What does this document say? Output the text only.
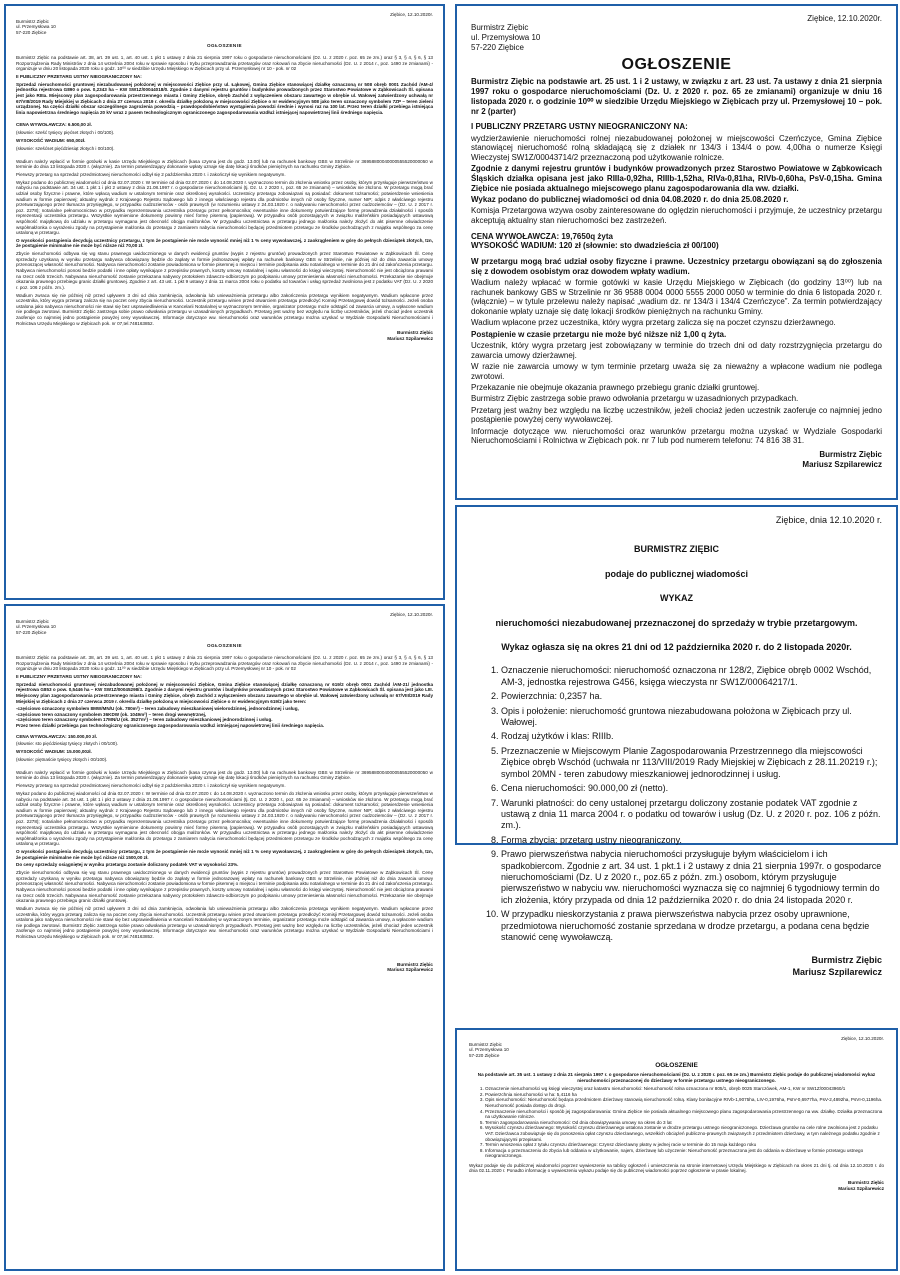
Ziębice, 12.10.2020r.
Burmistrz Ziębic
ul. Przemysłowa 10
57-220 Ziębice
OGŁOSZENIE

Burmistrz Ziębic na podstawie art. 38, art. 39 ust. 1, art. 40 ust. 1 pkt 1 ustawy z dnia 21 sierpnia 1997 roku o gospodarce nieruchomościami (Dz. U. z 2020 r. poz. 65 ze zm.) oraz § 3, § 4, § 6, § 13 Rozporządzenia Rady Ministrów z dnia 14 września 2004 roku w sprawie sposobu i trybu przeprowadzania przetargów oraz rokowań na zbycie nieruchomości (Dz. U. z 2014 r., poz. 1490 ze zmianami) - organizuje w dniu 20 listopada 2020 roku o godz. 10⁰⁰ w siedzibie Urzędu Miejskiego w Ziębicach przy ul. Przemysłowej nr 10 - pok. nr 02

II PUBLICZNY PRZETARG USTNY NIEOGRANICZONY NA:

Sprzedaż nieruchomości gruntowej niezabudowanej położonej w miejscowości Ziębice przy ul. Łąkowej, Gmina Ziębice stanowiącej działkę oznaczoną nr 508 obręb 0001 Zachód /AM-4/ jednostka rejestrowa G890 o pow. 0,2343 ha – KW SW1Z/00044018/0. Zgodnie z danymi rejestru gruntów i budynków prowadzonych przez Starostwo Powiatowe w Ząbkowicach Śl. opisana jest jako RIIIa. Miejscowy plan zagospodarowania przestrzennego miasta i Gminy Ziębice, obręb Zachód z wyłączeniem obszaru zawartego w obrębie ul. Wałowej zatwierdzony uchwałą nr 67/VIII/2019 Rady Miejskiej w Ziębicach z dnia 27 czerwca 2019 r. określa działkę położoną w miejscowości Ziębice o nr ewidencyjnym 508 jako teren oznaczony symbolem 7ZP – teren zieleni urządzonej. Na części działki obszar szczególnego zagrożenia powodzią – prawdopodobieństwo wystąpienia powodzi średnie i wynosi raz na 100 lat. Przez teren działki przebiega istniejąca linia napowietrzna średniego napięcia 20 kV wraz z pasem technologicznym ograniczonego zagospodarowania wzdłuż istniejącej napowietrznej linii średniego napięcia.

CENA WYWOŁAWCZA: 6.500,00 zł.

(słownie: sześć tysięcy pięćset złotych i 00/100).

WYSOKOŚĆ WADIUM: 650,00zł.

(słownie: sześćset pięćdziesiąt złotych i 00/100).

Wadium należy wpłacić w formie gotówki w kasie Urzędu Miejskiego w Ziębicach (kasa czynna jest do godz. 13.00) lub na rachunek bankowy GBS w Strzelinie nr 36958800040000555520000050 w terminie do dnia 13 listopada 2020 r. (włącznie). Za termin potwierdzający dokonanie wpłaty uznaje się datę lokacji środków pieniężnych na rachunku Gminy Ziębice.

Pierwszy przetarg na sprzedaż przedmiotowej nieruchomości odbył się 2 października 2020 r. i zakończył się wynikiem negatywnym.

Wykaz podano do publicznej wiadomości od dnia 02.07.2020 r. W terminie od dnia 02.07.2020 r. do 14.08.2020 r. wyznaczono termin do złożenia wniosku przez osoby, którym przysługuje pierwszeństwo w nabyciu na podstawie art. 34 ust. 1 pkt 1 i pkt 2 ustawy z dnia 21.08.1997 r. o gospodarce nieruchomościami (tj. Dz. U. z 2020 r., poz. 65 ze zmianami) – wniosków nie złożono. W przetargu mogą brać udział osoby fizyczne i prawne, które wpłacą wadium w ustalonym terminie oraz określonej wysokości. Uczestnicy przetargu zobowiązani są posiadać: dokument tożsamości; potwierdzenie wniesienia wadium w formie papierowej; aktualny wydruk z Krajowego Rejestru Sądowego lub z innego właściwego rejestru dla podmiotów innych niż osoby fizyczne, numer NIP; odpis z właściwego rejestru przetwarzającego przez tłumacza przysięgłego, w przypadku cudzoziemców - osób prawnych (w rozumieniu ustawy z 24.03.1920 r. o nabywaniu nieruchomości przez cudzoziemców – (Dz. U. z 2017 r. poz. 2278); notarialne pełnomocnictwo w przypadku reprezentowania uczestnika przetargu przez pełnomocnika; ewentualnie inne dokumenty potwierdzające formę prowadzenia działalności i sposób reprezentacji uczestnika przetargu. Wszystkie wymienione dokumenty powinny mieć formę pisemną (papierową). W przypadku osób pozostających w związku małżeńskim posiadających ustawową wspólność majątkową do udziału w przetargu wymagana jest obecność obojga małżonków. W przypadku uczestnictwa w przetargu jednego małżonka należy złożyć do akt pisemne oświadczenie współmałżonka o wyrażeniu zgody na przystąpienie małżonka do przetargu z zamiarem nabycia nieruchomości będącej przedmiotem przetargu ze środków pochodzących z majątku wspólnego za cenę ustaloną w przetargu.

O wysokości postąpienia decydują uczestnicy przetargu, z tym że postąpienie nie może wynosić mniej niż 1 % ceny wywoławczej, z zaokrągleniem w górę do pełnych dziesiątek złotych, tzn, że postąpienie minimalne nie może być niższe niż 70,00 zł.

Zbycie nieruchomości odbywa się wg stanu prawnego uwidocznionego w danych ewidencji gruntów (wypis z rejestru gruntów) prowadzonych przez Starostwo Powiatowe w Ząbkowicach Śl. Cenę sprzedaży uzyskaną w wyniku przetargu nabywca obowiązany będzie do zapłaty w formie jednorazowej wpłaty na rachunek bankowy GBS w Strzelinie, nie później niż do dnia zawarcia umowy przenoszącej własność nieruchomości. Nabywca nieruchomości zostanie powiadomiona w formie pisemnej o miejscu i terminie podpisania aktu notarialnego w terminie do 21 dni od zakończenia przetargu. Nabywca nieruchomości ponosi bedzie podatki i inne opłaty wynikające z przepisów prawnych, koszty umowy notarialnej i wpisu własności do księgi wieczystej. Nieruchomość nie jest obciążona prawami na rzecz osób trzecich. Nabywana nieruchomość zostanie przekazana nabywcy protokołem zdawczo-odbiorczym po podpisaniu umowy przeniesienia własności nieruchomości. Przekazanie nie obejmuje okazania prawnego przebiegu granic działki gruntowej. Zgodnie z art. 43 ust. 1 pkt 9 ustawy z dnia 11 marca 2004 roku o podatku od towarów i usług sprzedaż zwolniona jest z podatku VAT (Dz. U. z 2020 r. poz. 106 z późn. zm.).

Wadium zwraca się nie później niż przed upływem 3 dni od dnia zamknięcia, odwołania lub unieważnienia przetargu albo zakończenia przetargu wynikiem negatywnym. Wadium wpłacone przez uczestnika, który wygra przetarg zalicza się na poczet ceny zbycia nieruchomości. Uczestnik przetargu winien przed otwarciem przetargu przedłożyć Komisji Przetargowej dowód tożsamości. Jeżeli osoba ustalona jako nabywca nieruchomości nie stawi się bez usprawiedliwienia w Kancelarii Notarialnej w wyznaczonym terminie, organizator przetargu może odstąpić od zawarcia umowy, a wpłacone wadium nie podlega zwrotowi. Burmistrz Ziębic zastrzega sobie prawo odwołania przetargu w uzasadnionych przypadkach. Przetarg jest ważny bez względu na liczbę uczestników, jeżeli chociaż jeden uczestnik zaoferuje co najmniej jedno postąpienie powyżej ceny wywoławczej. Informacje dotyczące ww. nieruchomości oraz warunków przetargu można uzyskać w Wydziale Gospodarki Nieruchomościami i Rolnictwa Urzędu Miejskiego w Ziębicach pok. nr 07,tel.748163852.

Burmistrz Ziębic
Mariusz Szpilarewicz
Ziębice, 12.10.2020r.
Burmistrz Ziębic
ul. Przemysłowa 10
57-220 Ziębice
OGŁOSZENIE

Burmistrz Ziębic na podstawie art. 38, art. 39 ust. 1, art. 40 ust. 1 pkt 1 ustawy z dnia 21 sierpnia 1997 roku o gospodarce nieruchomościami (Dz. U. z 2020 r. poz. 65 ze zm.) oraz § 3, § 4, § 6, § 13 Rozporządzenia Rady Ministrów z dnia 14 września 2004 roku w sprawie sposobu i trybu przeprowadzania przetargów oraz rokowań na zbycie nieruchomości (Dz. U. z 2014 r., poz. 1490 ze zmianami) - organizuje w dniu 20 listopada 2020 roku o godz. 11⁰⁰ w siedzibie Urzędu Miejskiego w Ziębicach przy ul. Przemysłowej nr 10 - pok. nr 02

II PUBLICZNY PRZETARG USTNY NIEOGRANICZONY NA:

Sprzedaż nieruchomości gruntowej niezabudowanej położonej w miejscowości Ziębice, Gmina Ziębice stanowiącej działkę oznaczoną nr 619/2 obręb 0001 Zachód /AM-21/ jednostka rejestrowa G853 o pow. 0,5446 ha – KW SW1Z/00045298/3. Zgodnie z danymi rejestru gruntów i budynków prowadzonych przez Starostwo Powiatowe w Ząbkowicach Śl. opisana jest jako LIII. Miejscowy plan zagospodarowania przestrzennego miasta i Gminy Ziębice, obręb Zachód z wyłączeniem obszaru zawartego w obrębie ul. Wałowej zatwierdzony uchwałą nr 67/VIII/2019 Rady Miejskiej w Ziębicach z dnia 27 czerwca 2019 r. określa działkę położoną w miejscowości Ziębice o nr ewidencyjnym 619/2 jako teren:

-częściowo oznaczony symbolem 8MW/MN/U (ok. 780m²) – teren zabudowy mieszkaniowej wielorodzinnej, jednorodzinnej i usług,
-częściowo teren oznaczony symbolem 36KDW (ok. 1049m²) – teren drogi wewnętrznej,
-częściowo teren oznaczony symbolem 17MN/U (ok. 3527m²) – teren zabudowy mieszkaniowej jednorodzinnej i usług.
Przez teren działki przebiega pas technologiczny ograniczonego zagospodarowania wzdłuż istniejącej napowietrznej linii średniego napięcia.

CENA WYWOŁAWCZA: 150.000,00 zł.

(słownie: sto pięćdziesiąt tysięcy złotych i 00/100).

WYSOKOŚĆ WADIUM: 15.000,00zł.

(słownie: piętnaście tysięcy złotych i 00/100).

Wadium należy wpłacić w formie gotówki w kasie Urzędu Miejskiego w Ziębicach (kasa czynna jest do godz. 13.00) lub na rachunek bankowy GBS w Strzelinie nr 36958800040000555520000050 w terminie do dnia 13 listopada 2020 r. (włącznie). Za termin potwierdzający dokonanie wpłaty uznaje się datę lokacji środków pieniężnych na rachunku Gminy Ziębice.

Pierwszy przetarg na sprzedaż przedmiotowej nieruchomości odbył się 2 października 2020 r. i zakończył się wynikiem negatywnym.

Wykaz podano do publicznej wiadomości od dnia 02.07.2020 r. W terminie od dnia 02.07.2020 r. do 14.08.2020 r. wyznaczono termin do złożenia wniosku przez osoby, którym przysługuje pierwszeństwo w nabyciu na podstawie art. 34 ust. 1 pkt 1 i pkt 2 ustawy z dnia 21.08.1997 r. o gospodarce nieruchomościami (tj. Dz. U. z 2020 r., poz. 65 ze zmianami) – wniosków nie złożono. W przetargu mogą brać udział osoby fizyczne i prawne, które wpłacą wadium w ustalonym terminie oraz określonej wysokości. Uczestnicy przetargu zobowiązani są posiadać: dokument tożsamości; potwierdzenie wniesienia wadium w formie papierowej; aktualny wydruk z Krajowego Rejestru Sądowego lub z innego właściwego rejestru dla podmiotów innych niż osoby fizyczne, numer NIP; odpis z właściwego rejestru przetwarzającego przez tłumacza przysięgłego, w przypadku cudzoziemców - osób prawnych (w rozumieniu ustawy z 24.03.1920 r. o nabywaniu nieruchomości przez cudzoziemców – (Dz. U. z 2017 r. poz. 2278); notarialne pełnomocnictwo w przypadku reprezentowania uczestnika przetargu przez pełnomocnika; ewentualnie inne dokumenty potwierdzające formę prowadzenia działalności i sposób reprezentacji uczestnika przetargu. Wszystkie wymienione dokumenty powinny mieć formę pisemną (papierową). W przypadku osób pozostających w związku małżeńskim posiadających ustawową wspólność majątkową do udziału w przetargu wymagana jest obecność obojga małżonków. W przypadku uczestnictwa w przetargu jednego małżonka należy złożyć do akt pisemne oświadczenie współmałżonka o wyrażeniu zgody na przystąpienie małżonka do przetargu z zamiarem nabycia nieruchomości będącej przedmiotem przetargu ze środków pochodzących z majątku wspólnego za cenę ustaloną w przetargu.

O wysokości postąpienia decydują uczestnicy przetargu, z tym że postąpienie nie może wynosić mniej niż 1 % ceny wywoławczej, z zaokrągleniem w górę do pełnych dziesiątek złotych, tzn, że postąpienie minimalne nie może być niższe niż 1500,00 zł.

Do ceny sprzedaży osiągniętej w wyniku przetargu zostanie doliczony podatek VAT w wysokości 23%.

Zbycie nieruchomości odbywa się wg stanu prawnego uwidocznionego w danych ewidencji gruntów (wypis z rejestru gruntów) prowadzonych przez Starostwo Powiatowe w Ząbkowicach Śl. Cenę sprzedaży uzyskaną w wyniku przetargu nabywca obowiązany będzie do zapłaty w formie jednorazowej wpłaty na rachunek bankowy GBS w Strzelinie, nie później niż do dnia zawarcia umowy przenoszącej własność nieruchomości. Nabywca nieruchomości zostanie powiadomiona w formie pisemnej o miejscu i terminie podpisania aktu notarialnego w terminie do 21 dni od zakończenia przetargu. Nabywca nieruchomości ponosi bedzie podatki i inne opłaty wynikające z przepisów prawnych, koszty umowy notarialnej i wpisu własności do księgi wieczystej. Nieruchomość nie jest obciążona prawami na rzecz osób trzecich. Nabywana nieruchomość zostanie przekazana nabywcy protokołem zdawczo-odbiorczym po podpisaniu umowy przeniesienia własności nieruchomości. Przekazanie nie obejmuje okazania prawnego przebiegu granic działki gruntowej.

Wadium zwraca się nie później niż przed upływem 3 dni od dnia zamknięcia, odwołania lub unieważnienia przetargu albo zakończenia przetargu wynikiem negatywnym. Wadium wpłacone przez uczestnika, który wygra przetarg zalicza się na poczet ceny zbycia nieruchomości. Uczestnik przetargu winien przed otwarciem przetargu przedłożyć Komisji Przetargowej dowód tożsamości. Jeżeli osoba ustalona jako nabywca nieruchomości nie stawi się bez usprawiedliwienia w Kancelarii Notarialnej w wyznaczonym terminie, organizator przetargu może odstąpić od zawarcia umowy, a wpłacone wadium nie podlega zwrotowi. Burmistrz Ziębic zastrzega sobie prawo odwołania przetargu w uzasadnionych przypadkach. Przetarg jest ważny bez względu na liczbę uczestników, jeżeli chociaż jeden uczestnik zaoferuje co najmniej jedno postąpienie powyżej ceny wywoławczej. Informacje dotyczące ww. nieruchomości oraz warunków przetargu można uzyskać w Wydziale Gospodarki Nieruchomościami i Rolnictwa Urzędu Miejskiego w Ziębicach pok. nr 07,tel.748163852.

Burmistrz Ziębic
Mariusz Szpilarewicz
Ziębice, 12.10.2020r.
Burmistrz Ziębic
ul. Przemysłowa 10
57-220 Ziębice
OGŁOSZENIE

Burmistrz Ziębic na podstawie art. 25 ust. 1 i 2 ustawy, w związku z art. 23 ust. 7a ustawy z dnia 21 sierpnia 1997 roku o gospodarce nieruchomościami (Dz. U. z 2020 r. poz. 65 ze zmianami) organizuje w dniu 16 listopada 2020 r. o godzinie 10⁰⁰ w siedzibie Urzędu Miejskiego w Ziębicach przy ul. Przemysłowej 10 – pok. nr 2 (parter)

I PUBLICZNY PRZETARG USTNY NIEOGRANICZONY NA:

wydzierżawienie nieruchomości rolnej niezabudowanej położonej w miejscowości Czerńczyce, Gmina Ziębice stanowiącej nieruchomość rolną składającą się z działek nr 134/3 i 134/4 o pow. 4,00ha o numerze Księgi Wieczystej SW1Z/00043714/2 przeznaczoną pod użytkowanie rolnicze.

Zgodnie z danymi rejestru gruntów i budynków prowadzonych przez Starostwo Powiatowe w Ząbkowicach Śląskich działka opisana jest jako RIIIa-0,92ha, RIIIb-1,52ha, RIVa-0,81ha, RIVb-0,60ha, PsV-0,15ha. Gmina Ziębice nie posiada aktualnego miejscowego planu zagospodarowania dla ww. działki.

Wykaz podano do publicznej wiadomości od dnia 04.08.2020 r. do dnia 25.08.2020 r.

Komisja Przetargowa wzywa osoby zainteresowane do oględzin nieruchomości i przyjmuje, że uczestnicy przetargu akceptują aktualny stan nieruchomości bez zastrzeżeń.

CENA WYWOŁAWCZA: 19,7650q żyta

WYSOKOŚĆ WADIUM: 120 zł (słownie: sto dwadzieścia zł 00/100)

W przetargu mogą brać udział osoby fizyczne i prawne. Uczestnicy przetargu obowiązani są do zgłoszenia się z dowodem osobistym oraz dowodem wpłaty wadium.

Wadium należy wpłacać w formie gotówki w kasie Urzędu Miejskiego w Ziębicach (do godziny 13⁰⁰) lub na rachunek bankowy GBS w Strzelinie nr 36 9588 0004 0000 5555 2000 0050 w terminie do dnia 6 listopada 2020 r. (włącznie) – w tytule przelewu należy napisać „wadium dz. nr 134/3 i 134/4 Czerńczyce”. Za termin potwierdzający dokonanie wpłaty uznaje się datę lokacji środków pieniężnych na rachunku Gminy.

Wadium wpłacone przez uczestnika, który wygra przetarg zalicza się na poczet czynszu dzierżawnego.

Postąpienie w czasie przetargu nie może być niższe niż 1,00 q żyta.

Uczestnik, który wygra przetarg jest zobowiązany w terminie do trzech dni od daty rozstrzygnięcia przetargu do zawarcia umowy dzierżawnej.

W razie nie zawarcia umowy w tym terminie przetarg uważa się za nieważny a wpłacone wadium nie podlega zwrotowi.

Przekazanie nie obejmuje okazania prawnego przebiegu granic działki gruntowej.

Burmistrz Ziębic zastrzega sobie prawo odwołania przetargu w uzasadnionych przypadkach.

Przetarg jest ważny bez względu na liczbę uczestników, jeżeli chociaż jeden uczestnik zaoferuje co najmniej jedno postąpienie powyżej ceny wywoławczej.

Informacje dotyczące ww. nieruchomości oraz warunków przetargu można uzyskać w Wydziale Gospodarki Nieruchomościami i Rolnictwa w Ziębicach pok. nr 7 lub pod numerem telefonu: 74 816 38 31.

Burmistrz Ziębic
Mariusz Szpilarewicz
Ziębice, dnia 12.10.2020 r.
BURMISTRZ ZIĘBIC
podaje do publicznej wiadomości
WYKAZ
nieruchomości niezabudowanej przeznaczonej do sprzedaży w trybie przetargowym.
Wykaz ogłasza się na okres 21 dni od 12 października 2020 r. do 2 listopada 2020r.
1. Oznaczenie nieruchomości: nieruchomość oznaczona nr 128/2, Ziębice obręb 0002 Wschód, AM-3, jednostka rejestrowa G456, księga wieczysta nr SW1Z/00064217/1.
2. Powierzchnia: 0,2357 ha.
3. Opis i położenie: nieruchomość gruntowa niezabudowana położona w Ziębicach przy ul. Wałowej.
4. Rodzaj użytków i klas: RIIIb.
5. Przeznaczenie w Miejscowym Planie Zagospodarowania Przestrzennego dla miejscowości Ziębice obręb Wschód (uchwała nr 113/VIII/2019 Rady Miejskiej w Ziębicach z 28.11.20219 r.); symbol 20MN - teren zabudowy mieszkaniowej jednorodzinnej i usług.
6. Cena nieruchomości: 90.000,00 zł (netto).
7. Warunki płatności: do ceny ustalonej przetargu doliczony zostanie podatek VAT zgodnie z ustawą z dnia 11 marca 2004 r. o podatku od towarów i usług (Dz. U. z 2020 r. poz. 106 z późn. zm.).
8. Forma zbycia: przetarg ustny nieograniczony.
9. Prawo pierwszeństwa nabycia nieruchomości przysługuje byłym właścicielom i ich spadkobiercom. Zgodnie z art. 34 ust. 1 pkt.1 i 2 ustawy z dnia 21 sierpnia 1997r. o gospodarce nieruchomościami (Dz. U z 2020 r., poz.65 z późn. zm.) osobom, którym przysługuje pierwszeństwo w nabyciu ww. nieruchomości wyznacza się co najmniej 6 tygodniowy termin do ich złożenia, który przypada od dnia 12 października 2020 r. do dnia 24 listopada 2020 r.
10. W przypadku nieskorzystania z prawa pierwszeństwa nabycia przez osoby uprawnione, przedmiotowa nieruchomość zostanie sprzedana w drodze przetargu, a podana cena będzie stanowić cenę wywoławczą.
Burmistrz Ziębic
Mariusz Szpilarewicz
Ziębice, 12.10.2020r.
Burmistrz Ziębic
ul. Przemysłowa 10
57-220 Ziębice
OGŁOSZENIE

Na podstawie art. 35 ust. 1 ustawy z dnia 21 sierpnia 1997 r. o gospodarce nieruchomościami (Dz. U. z 2020 r. poz. 65 ze zm.) Burmistrz Ziębic podaje do publicznej wiadomości wykaz nieruchomości przeznaczonej do dzierżawy w formie przetargu ustnego nieograniczonego.

1. Oznaczenie nieruchomości wg księgi wieczystej oraz katastru nieruchomości: Nieruchomość rolna oznaczona nr 805/1, obręb 0025 Starczówek, AM-1, KW nr SW1Z/00043960/1
2. Powierzchnia nieruchomości w ha: 5,4116 ha
3. Opis nieruchomości: Nieruchomość będąca przedmiotem dzierżawy stanowią nieruchomość rolną. Klasy bonitacyjne RIVb-1,9075ha, LIV-0,1976ha, PsIV-0,6977ha, PsV-2,4892ha, PsVI-0,1196ha. Nieruchomość posiada dostęp do drogi.
4. Przeznaczenie nieruchomości i sposób jej zagospodarowania: Gmina Ziębice nie posiada aktualnego miejscowego planu zagospodarowania przestrzennego na ww. działkę. Działka przeznaczona na użytkowanie rolnicze.
5. Termin zagospodarowania nieruchomości: Od dnia obowiązywania umowy na okres do 3 lat
6. Wysokość czynszu dzierżawnego: Wysokość czynszu dzierżawnego ustalona zostanie w drodze przetargu ustnego nieograniczonego. Dzierżawa gruntów na cele rolne zwolniona jest z podatku VAT. Dzierżawca zobowiązuje się do ponoszenia opłat czynszu dzierżawnego, wszelkich obciążeń publiczno-prawnych związanych z przedmiotem dzierżawy, w tym należnego podatku zgodnie z obowiązującymi przepisami.
7. Termin wnoszenia opłat z tytułu czynszu dzierżawnego: Czynsz dzierżawny płatny w jednej racie w terminie do 15 maja każdego roku
8. Informacja o przeznaczeniu do zbycia lub oddania w użytkowanie, najem, dzierżawę lub użyczenie: Nieruchomość przeznaczona jest do oddania w dzierżawę w formie przetargu ustnego nieograniczonego.

Wykaz podaje się do publicznej wiadomości poprzez wywieszenie na tablicy ogłoszeń i umieszczenia na stronie internetowej Urzędu Miejskiego w Ziębicach na okres 21 dni tj. od dnia 12.10.2020 r. do dnia 02.11.2020 r. Ponadto informację o wywieszeniu wykazu podaje się do publicznej wiadomości poprzez ogłoszenie w prasie lokalnej.

Burmistrz Ziębic
Mariusz Szpilarewicz
